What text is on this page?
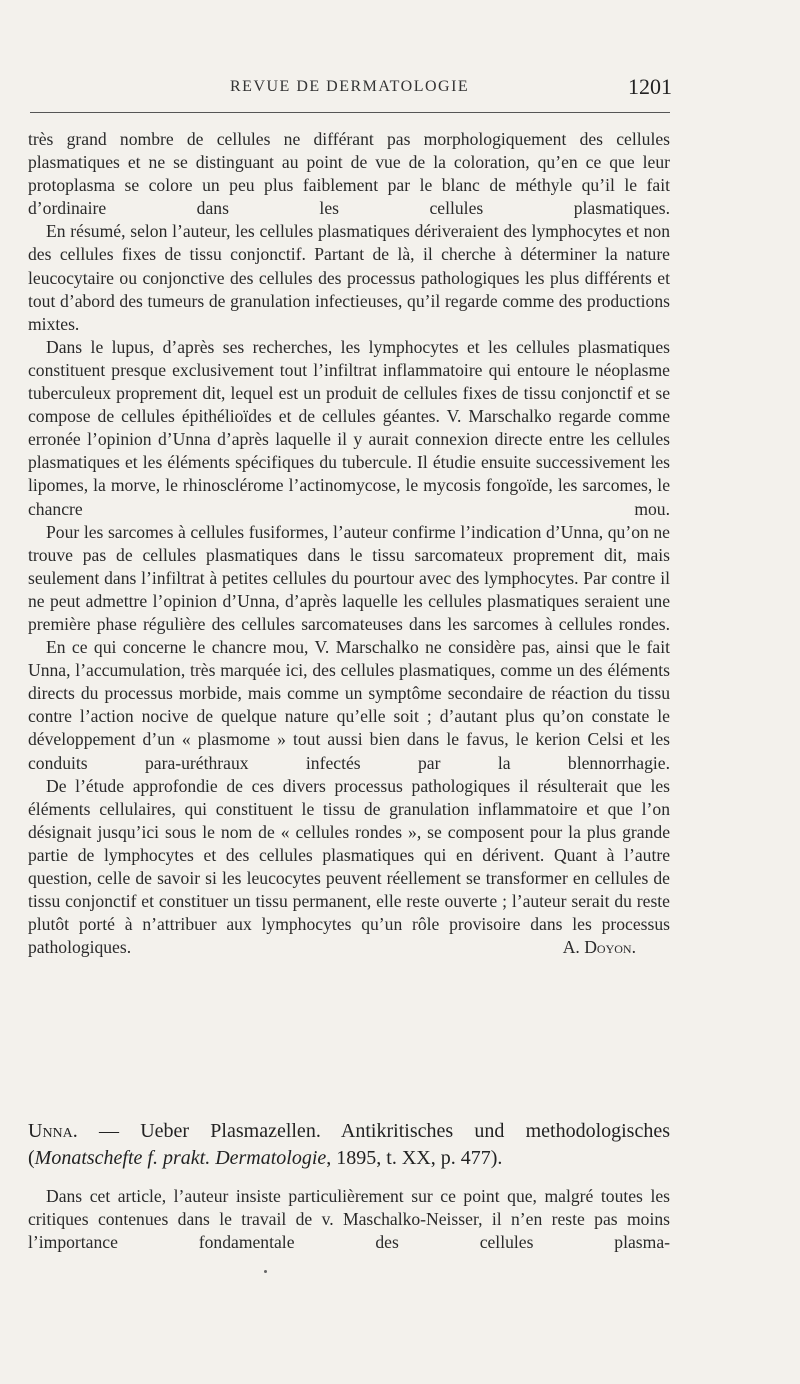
REVUE DE DERMATOLOGIE	1201

très grand nombre de cellules ne différant pas morphologiquement des cellules plasmatiques et ne se distinguant au point de vue de la coloration, qu’en ce que leur protoplasma se colore un peu plus faiblement par le blanc de méthyle qu’il le fait d’ordinaire dans les cellules plasmatiques.

En résumé, selon l’auteur, les cellules plasmatiques dériveraient des lymphocytes et non des cellules fixes de tissu conjonctif. Partant de là, il cherche à déterminer la nature leucocytaire ou conjonctive des cellules des processus pathologiques les plus différents et tout d’abord des tumeurs de granulation infectieuses, qu’il regarde comme des productions mixtes.

Dans le lupus, d’après ses recherches, les lymphocytes et les cellules plasmatiques constituent presque exclusivement tout l’infiltrat inflammatoire qui entoure le néoplasme tuberculeux proprement dit, lequel est un produit de cellules fixes de tissu conjonctif et se compose de cellules épithélioïdes et de cellules géantes. V. Marschalko regarde comme erronée l’opinion d’Unna d’après laquelle il y aurait connexion directe entre les cellules plasmatiques et les éléments spécifiques du tubercule. Il étudie ensuite successivement les lipomes, la morve, le rhinosclérome l’actinomycose, le mycosis fongoïde, les sarcomes, le chancre mou.

Pour les sarcomes à cellules fusiformes, l’auteur confirme l’indication d’Unna, qu’on ne trouve pas de cellules plasmatiques dans le tissu sarcomateux proprement dit, mais seulement dans l’infiltrat à petites cellules du pourtour avec des lymphocytes. Par contre il ne peut admettre l’opinion d’Unna, d’après laquelle les cellules plasmatiques seraient une première phase régulière des cellules sarcomateuses dans les sarcomes à cellules rondes.

En ce qui concerne le chancre mou, V. Marschalko ne considère pas, ainsi que le fait Unna, l’accumulation, très marquée ici, des cellules plasmatiques, comme un des éléments directs du processus morbide, mais comme un symptôme secondaire de réaction du tissu contre l’action nocive de quelque nature qu’elle soit ; d’autant plus qu’on constate le développement d’un « plasmome » tout aussi bien dans le favus, le kerion Celsi et les conduits para-uréthraux infectés par la blennorrhagie.

De l’étude approfondie de ces divers processus pathologiques il résulterait que les éléments cellulaires, qui constituent le tissu de granulation inflammatoire et que l’on désignait jusqu’ici sous le nom de « cellules rondes », se composent pour la plus grande partie de lymphocytes et des cellules plasmatiques qui en dérivent. Quant à l’autre question, celle de savoir si les leucocytes peuvent réellement se transformer en cellules de tissu conjonctif et constituer un tissu permanent, elle reste ouverte ; l’auteur serait du reste plutôt porté à n’attribuer aux lymphocytes qu’un rôle provisoire dans les processus pathologiques.	A. Doyon.

Unna. — Ueber Plasmazellen. Antikritisches und methodologisches
(Monatschefte f. prakt. Dermatologie, 1895, t. XX, p. 477).

Dans cet article, l’auteur insiste particulièrement sur ce point que, malgré toutes les critiques contenues dans le travail de v. Maschalko-Neisser, il n’en reste pas moins l’importance fondamentale des cellules plasma-
